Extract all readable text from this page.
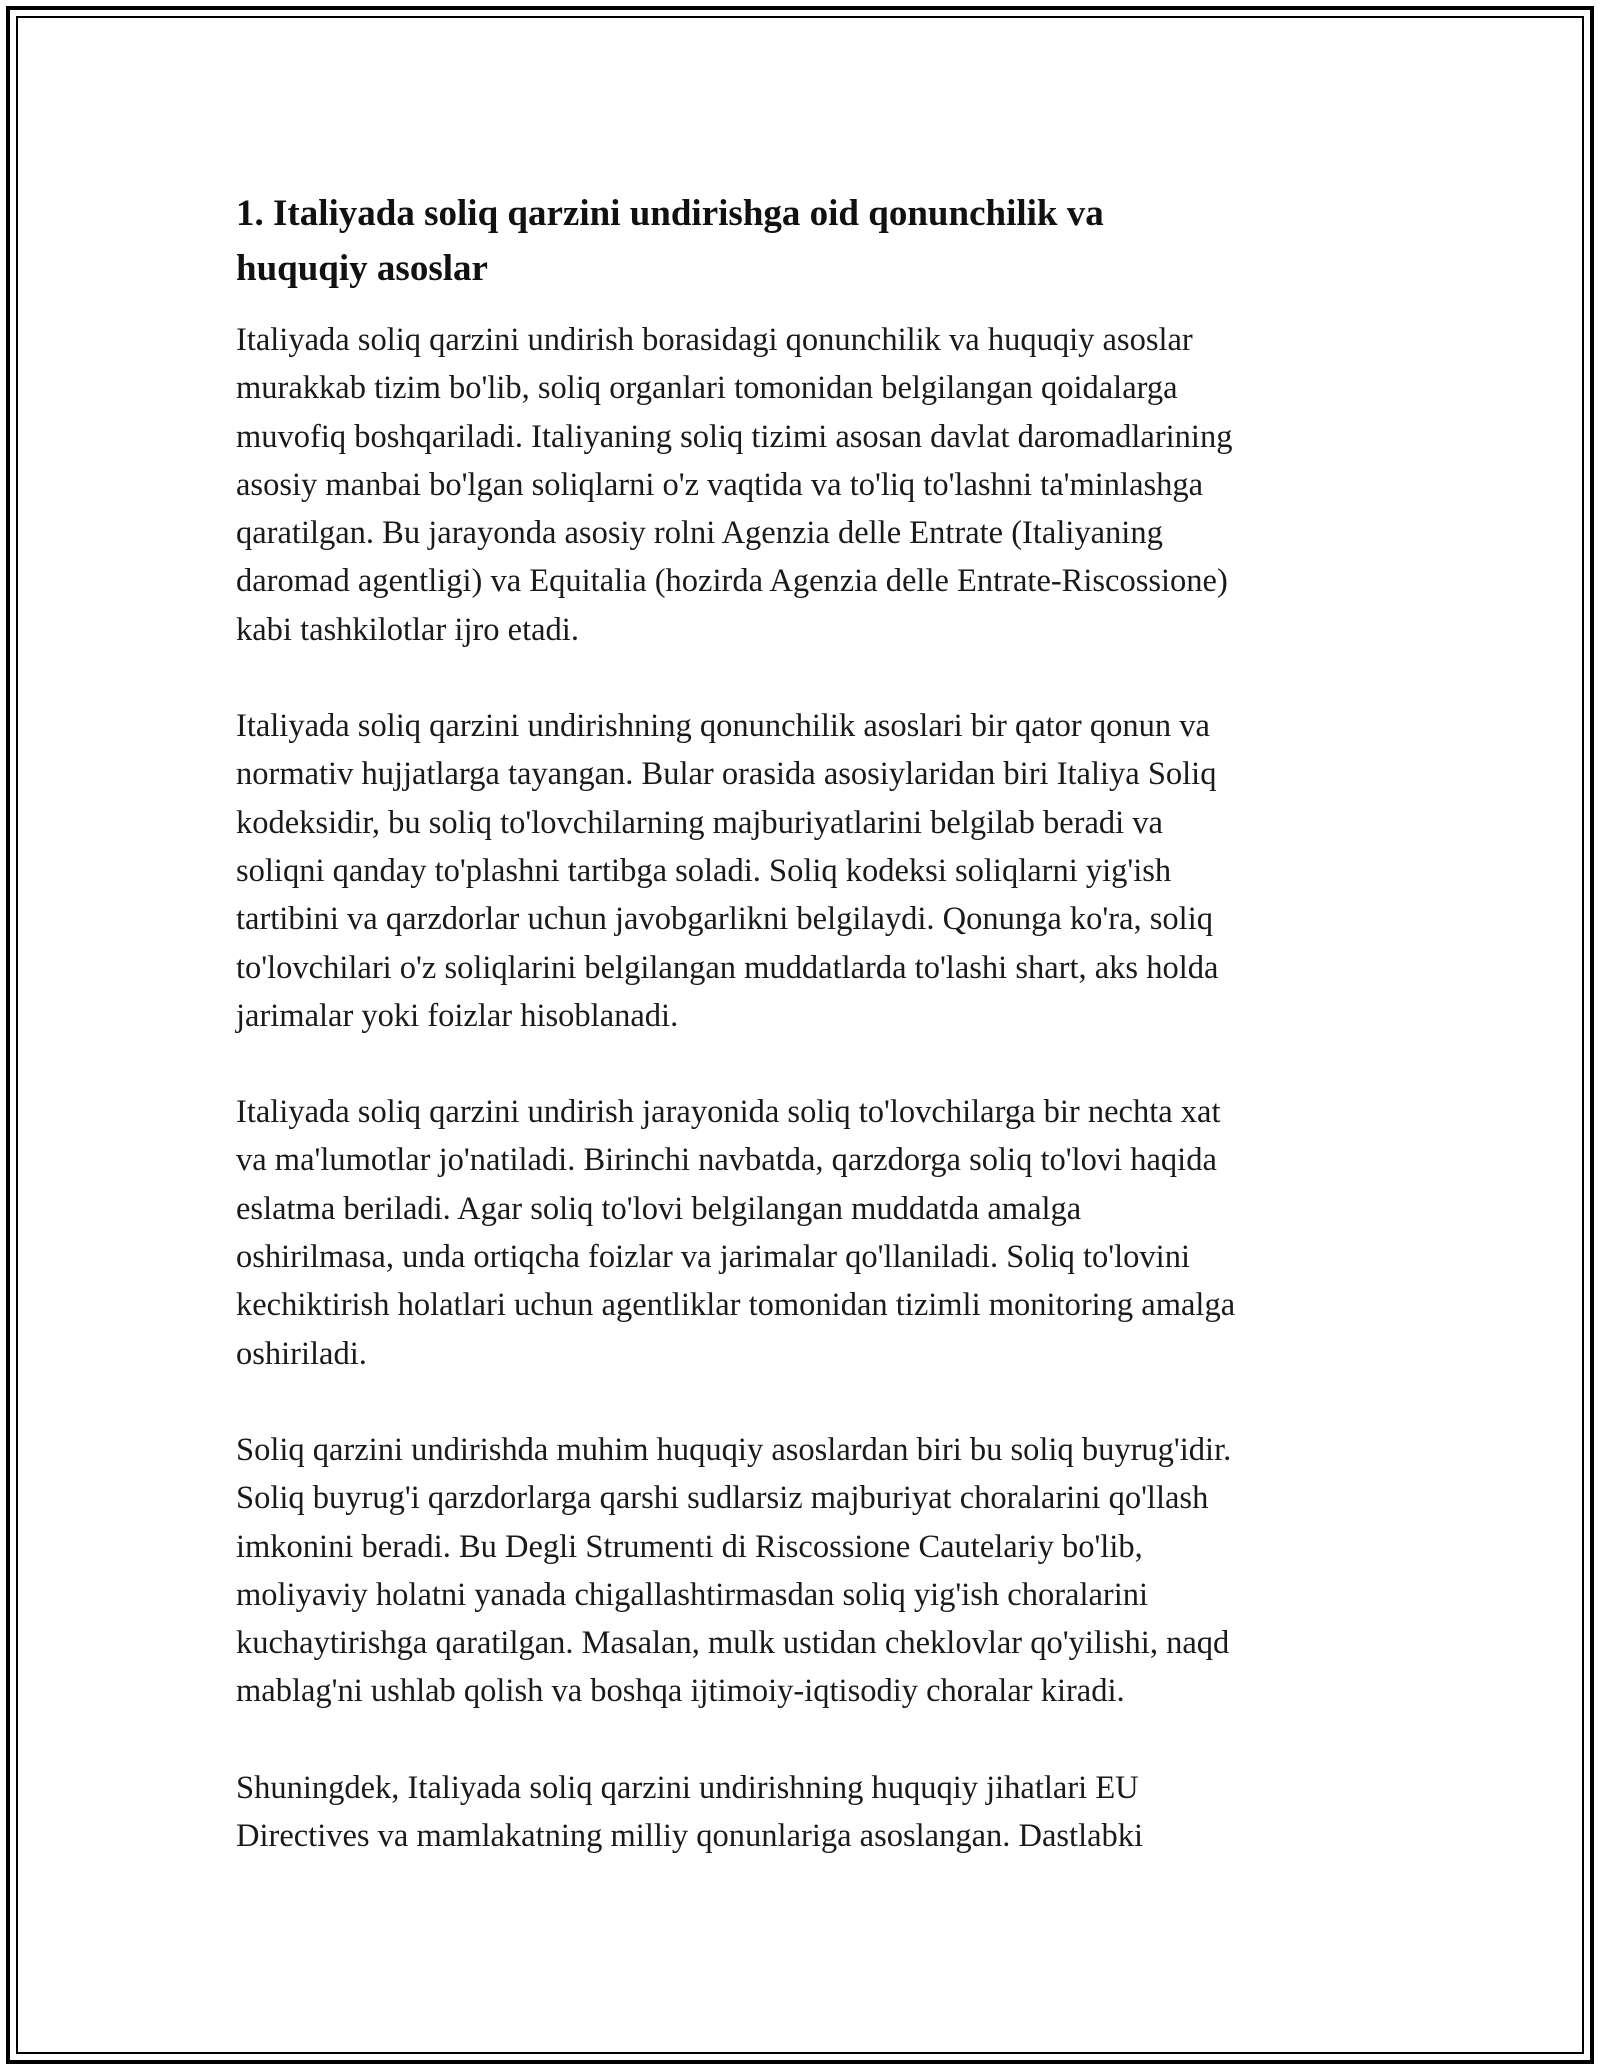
1. Italiyada soliq qarzini undirishga oid qonunchilik va
huquqiy asoslar

Italiyada soliq qarzini undirish borasidagi qonunchilik va huquqiy asoslar
murakkab tizim bo'lib, soliq organlari tomonidan belgilangan qoidalarga
muvofiq boshqariladi. Italiyaning soliq tizimi asosan davlat daromadlarining
asosiy manbai bo'lgan soliqlarni o'z vaqtida va to'liq to'lashni ta'minlashga
qaratilgan. Bu jarayonda asosiy rolni Agenzia delle Entrate (Italiyaning
daromad agentligi) va Equitalia (hozirda Agenzia delle Entrate-Riscossione)
kabi tashkilotlar ijro etadi.

Italiyada soliq qarzini undirishning qonunchilik asoslari bir qator qonun va
normativ hujjatlarga tayangan. Bular orasida asosiylaridan biri Italiya Soliq
kodeksidir, bu soliq to'lovchilarning majburiyatlarini belgilab beradi va
soliqni qanday to'plashni tartibga soladi. Soliq kodeksi soliqlarni yig'ish
tartibini va qarzdorlar uchun javobgarlikni belgilaydi. Qonunga ko'ra, soliq
to'lovchilari o'z soliqlarini belgilangan muddatlarda to'lashi shart, aks holda
jarimalar yoki foizlar hisoblanadi.

Italiyada soliq qarzini undirish jarayonida soliq to'lovchilarga bir nechta xat
va ma'lumotlar jo'natiladi. Birinchi navbatda, qarzdorga soliq to'lovi haqida
eslatma beriladi. Agar soliq to'lovi belgilangan muddatda amalga
oshirilmasa, unda ortiqcha foizlar va jarimalar qo'llaniladi. Soliq to'lovini
kechiktirish holatlari uchun agentliklar tomonidan tizimli monitoring amalga
oshiriladi.

Soliq qarzini undirishda muhim huquqiy asoslardan biri bu soliq buyrug'idir.
Soliq buyrug'i qarzdorlarga qarshi sudlarsiz majburiyat choralarini qo'llash
imkonini beradi. Bu Degli Strumenti di Riscossione Cautelariy bo'lib,
moliyaviy holatni yanada chigallashtirmasdan soliq yig'ish choralarini
kuchaytirishga qaratilgan. Masalan, mulk ustidan cheklovlar qo'yilishi, naqd
mablag'ni ushlab qolish va boshqa ijtimoiy-iqtisodiy choralar kiradi.

Shuningdek, Italiyada soliq qarzini undirishning huquqiy jihatlari EU
Directives va mamlakatning milliy qonunlariga asoslangan. Dastlabki
